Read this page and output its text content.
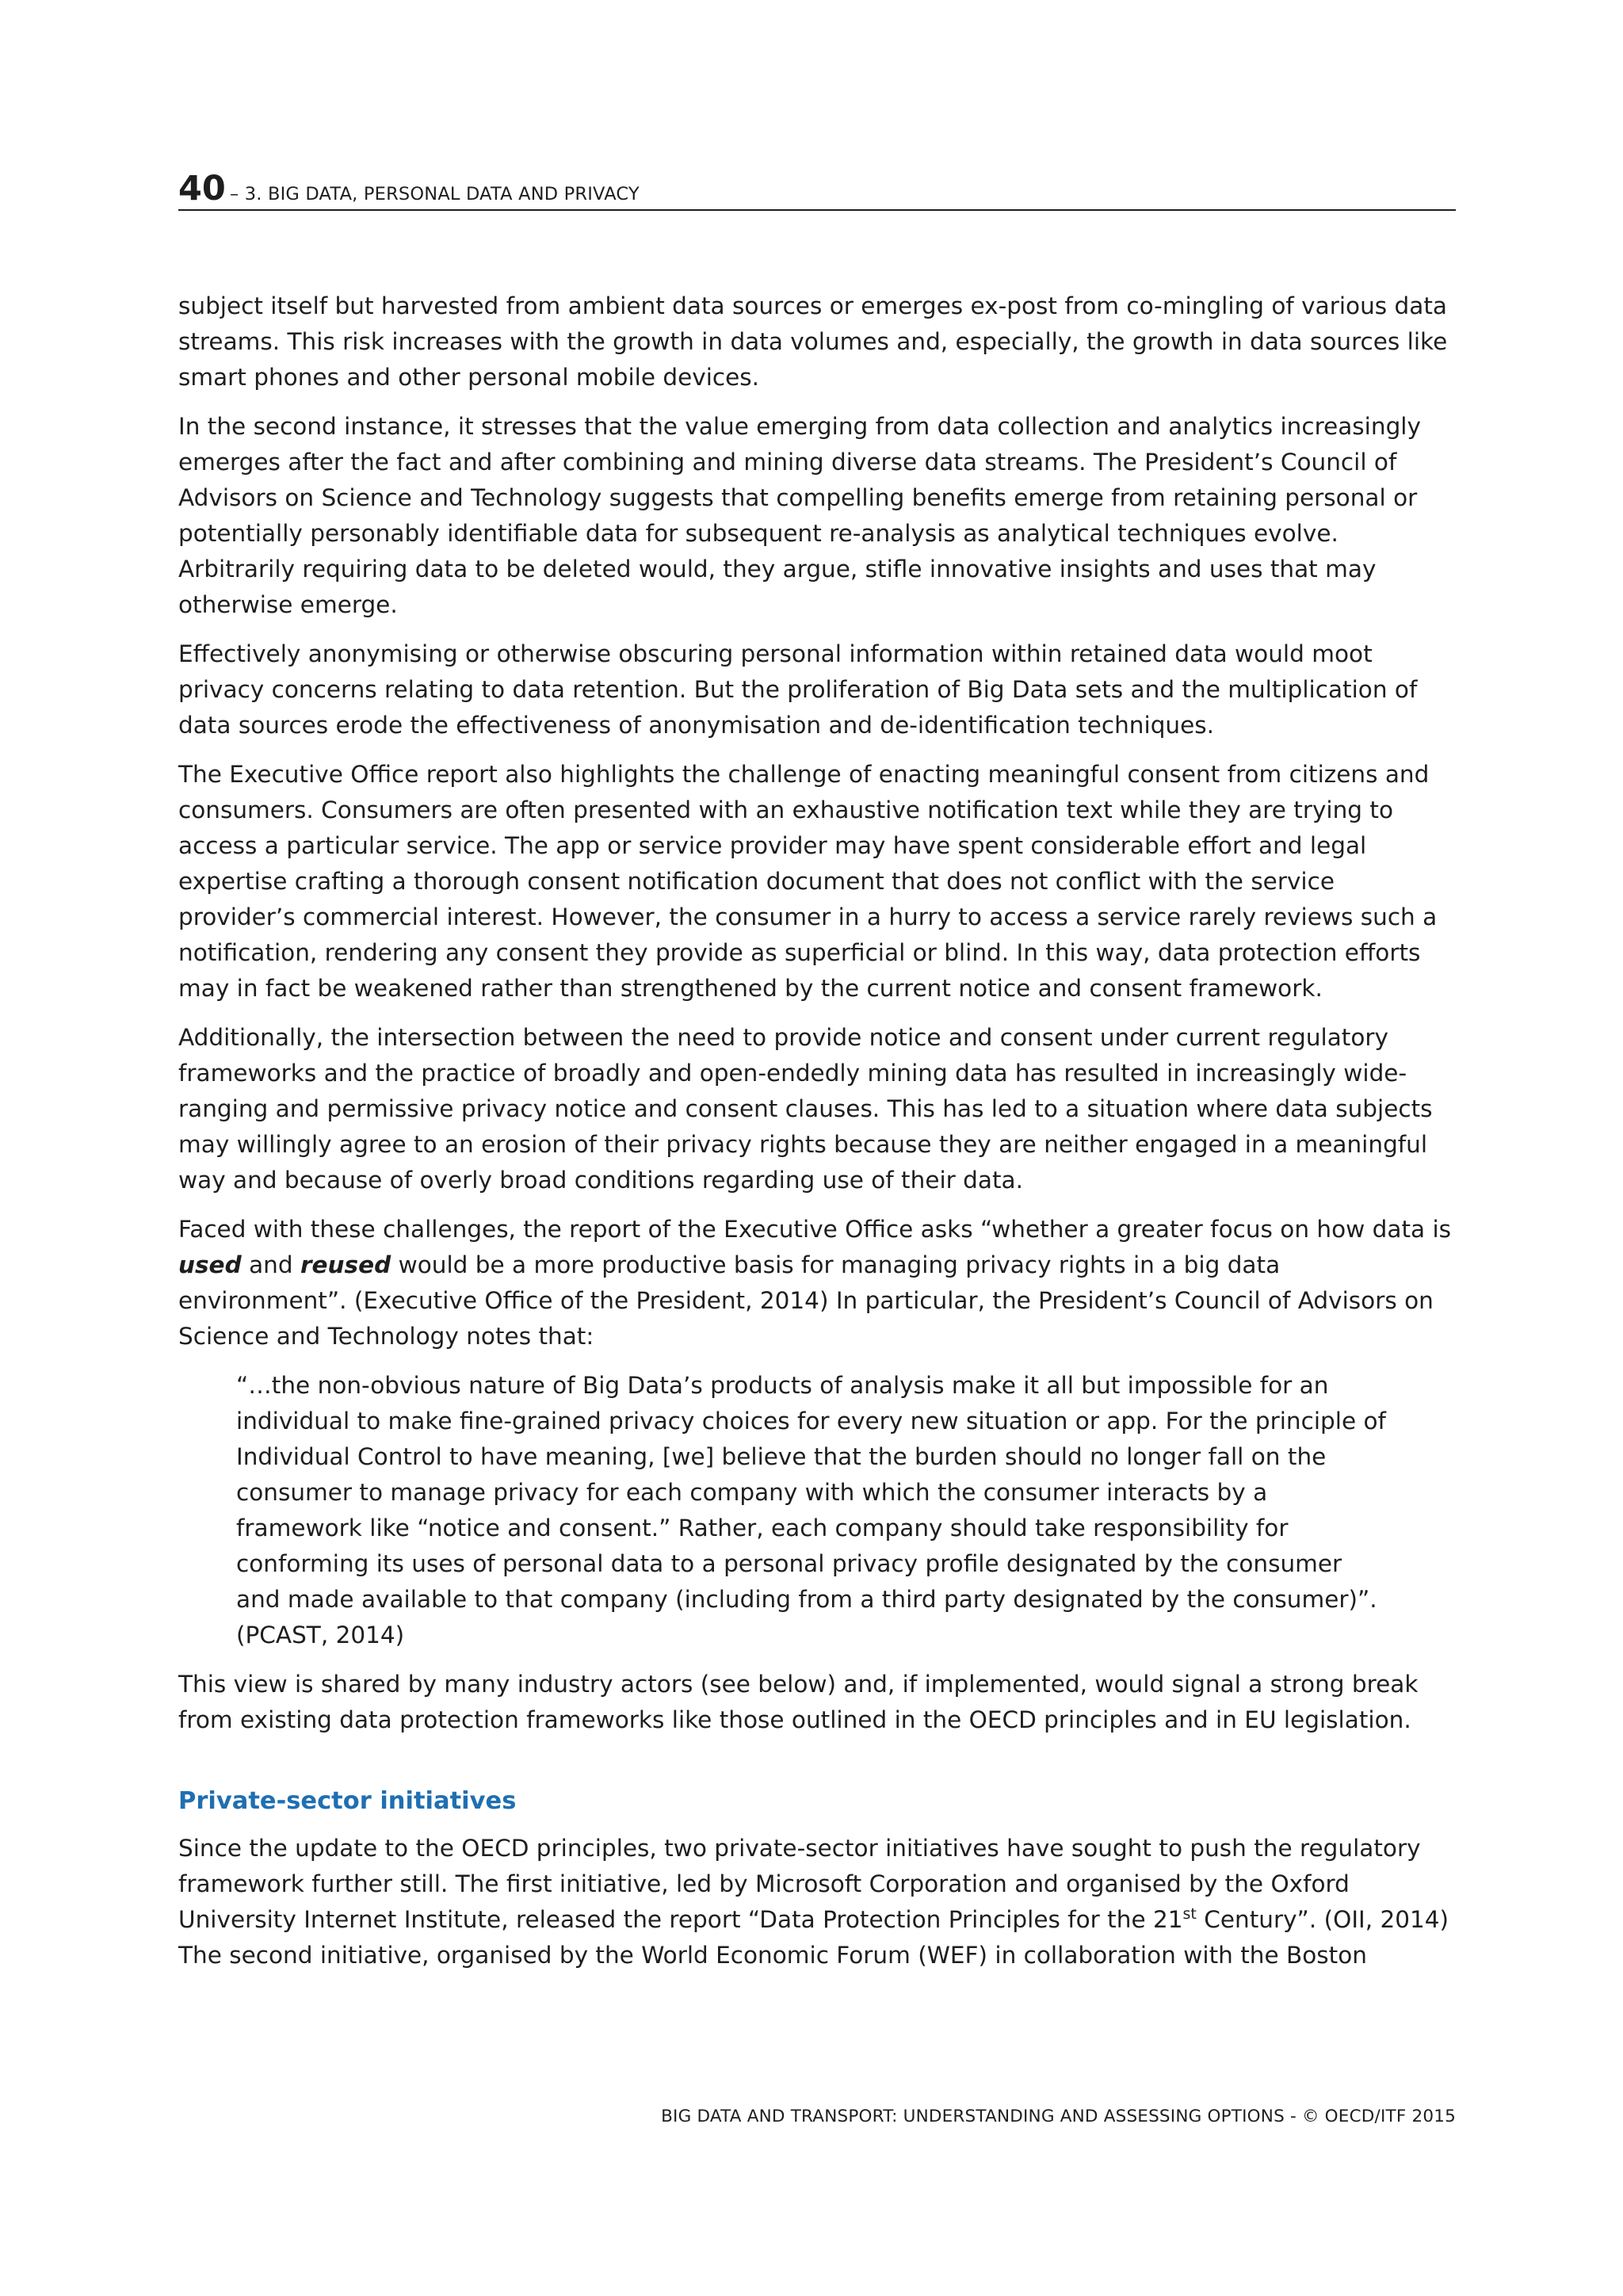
40 – 3. BIG DATA, PERSONAL DATA AND PRIVACY

subject itself but harvested from ambient data sources or emerges ex-post from co-mingling of various data streams. This risk increases with the growth in data volumes and, especially, the growth in data sources like smart phones and other personal mobile devices.

In the second instance, it stresses that the value emerging from data collection and analytics increasingly emerges after the fact and after combining and mining diverse data streams. The President’s Council of Advisors on Science and Technology suggests that compelling benefits emerge from retaining personal or potentially personably identifiable data for subsequent re-analysis as analytical techniques evolve. Arbitrarily requiring data to be deleted would, they argue, stifle innovative insights and uses that may otherwise emerge.

Effectively anonymising or otherwise obscuring personal information within retained data would moot privacy concerns relating to data retention. But the proliferation of Big Data sets and the multiplication of data sources erode the effectiveness of anonymisation and de-identification techniques.

The Executive Office report also highlights the challenge of enacting meaningful consent from citizens and consumers. Consumers are often presented with an exhaustive notification text while they are trying to access a particular service. The app or service provider may have spent considerable effort and legal expertise crafting a thorough consent notification document that does not conflict with the service provider’s commercial interest. However, the consumer in a hurry to access a service rarely reviews such a notification, rendering any consent they provide as superficial or blind. In this way, data protection efforts may in fact be weakened rather than strengthened by the current notice and consent framework.

Additionally, the intersection between the need to provide notice and consent under current regulatory frameworks and the practice of broadly and open-endedly mining data has resulted in increasingly wide-ranging and permissive privacy notice and consent clauses. This has led to a situation where data subjects may willingly agree to an erosion of their privacy rights because they are neither engaged in a meaningful way and because of overly broad conditions regarding use of their data.

Faced with these challenges, the report of the Executive Office asks “whether a greater focus on how data is used and reused would be a more productive basis for managing privacy rights in a big data environment”. (Executive Office of the President, 2014) In particular, the President’s Council of Advisors on Science and Technology notes that:

“…the non-obvious nature of Big Data’s products of analysis make it all but impossible for an individual to make fine-grained privacy choices for every new situation or app. For the principle of Individual Control to have meaning, [we] believe that the burden should no longer fall on the consumer to manage privacy for each company with which the consumer interacts by a framework like “notice and consent.” Rather, each company should take responsibility for conforming its uses of personal data to a personal privacy profile designated by the consumer and made available to that company (including from a third party designated by the consumer)”. (PCAST, 2014)

This view is shared by many industry actors (see below) and, if implemented, would signal a strong break from existing data protection frameworks like those outlined in the OECD principles and in EU legislation.

Private-sector initiatives

Since the update to the OECD principles, two private-sector initiatives have sought to push the regulatory framework further still. The first initiative, led by Microsoft Corporation and organised by the Oxford University Internet Institute, released the report “Data Protection Principles for the 21st Century”. (OII, 2014) The second initiative, organised by the World Economic Forum (WEF) in collaboration with the Boston

BIG DATA AND TRANSPORT: UNDERSTANDING AND ASSESSING OPTIONS - © OECD/ITF 2015
